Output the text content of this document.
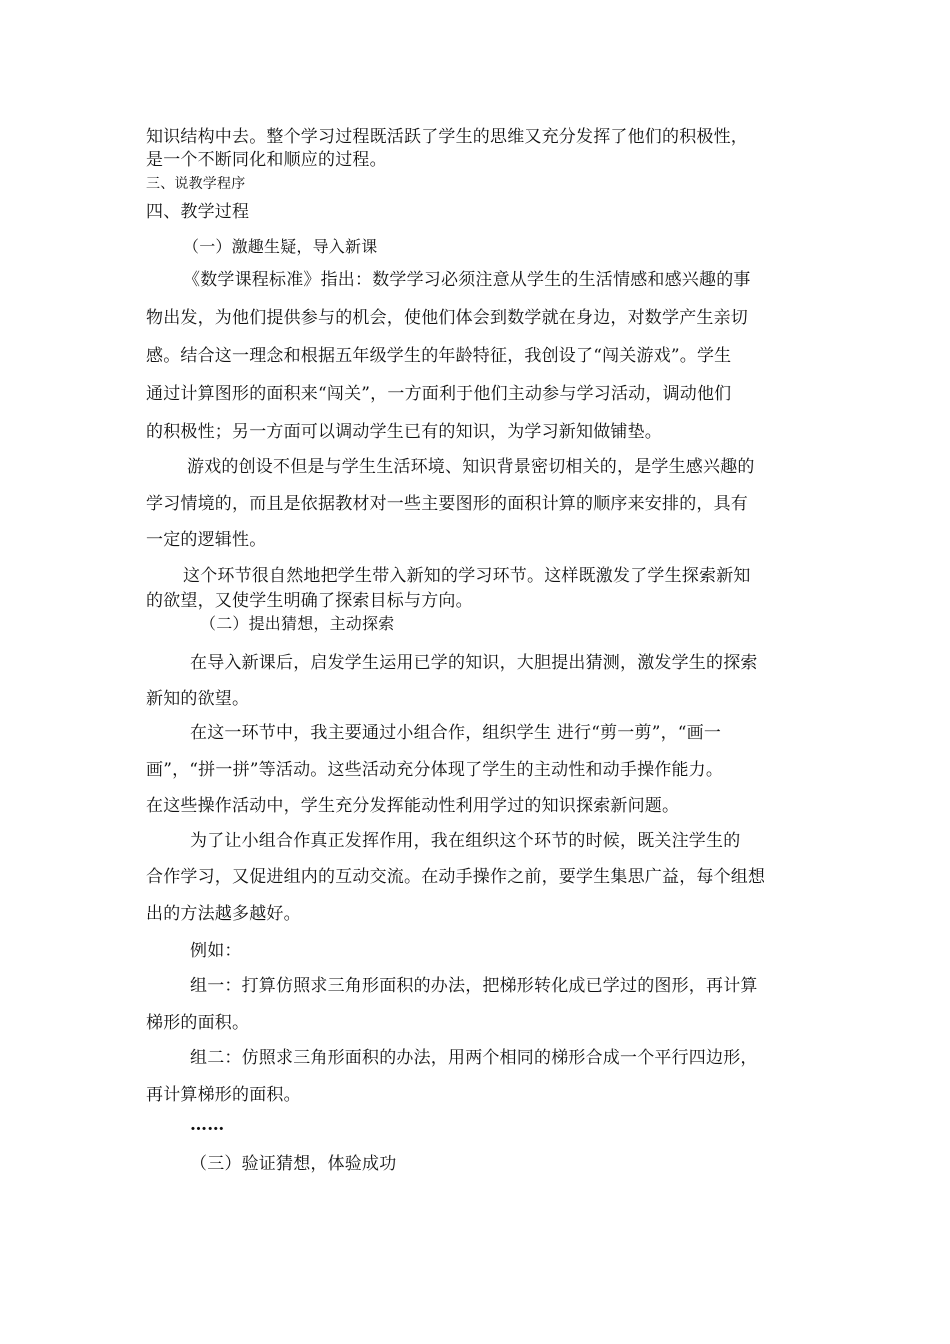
知识结构中去。整个学习过程既活跃了学生的思维又充分发挥了他们的积极性，
是一个不断同化和顺应的过程。
三、说教学程序
四、教学过程
（一）激趣生疑，导入新课
《数学课程标准》指出：数学学习必须注意从学生的生活情感和感兴趣的事
物出发，为他们提供参与的机会，使他们体会到数学就在身边，对数学产生亲切
感。结合这一理念和根据五年级学生的年龄特征，我创设了“闯关游戏”。学生
通过计算图形的面积来“闯关”，一方面利于他们主动参与学习活动，调动他们
的积极性；另一方面可以调动学生已有的知识，为学习新知做铺垫。
游戏的创设不但是与学生生活环境、知识背景密切相关的，是学生感兴趣的
学习情境的，而且是依据教材对一些主要图形的面积计算的顺序来安排的，具有
一定的逻辑性。
这个环节很自然地把学生带入新知的学习环节。这样既激发了学生探索新知
的欲望，又使学生明确了探索目标与方向。
（二）提出猜想，主动探索
在导入新课后，启发学生运用已学的知识，大胆提出猜测，激发学生的探索
新知的欲望。
在这一环节中，我主要通过小组合作，组织学生 进行“剪一剪”，“画一
画”，“拼一拼”等活动。这些活动充分体现了学生的主动性和动手操作能力。
在这些操作活动中，学生充分发挥能动性利用学过的知识探索新问题。
为了让小组合作真正发挥作用，我在组织这个环节的时候，既关注学生的
合作学习，又促进组内的互动交流。在动手操作之前，要学生集思广益，每个组想
出的方法越多越好。
例如：
组一：打算仿照求三角形面积的办法，把梯形转化成已学过的图形，再计算
梯形的面积。
组二：仿照求三角形面积的办法，用两个相同的梯形合成一个平行四边形，
再计算梯形的面积。
……
（三）验证猜想，体验成功
